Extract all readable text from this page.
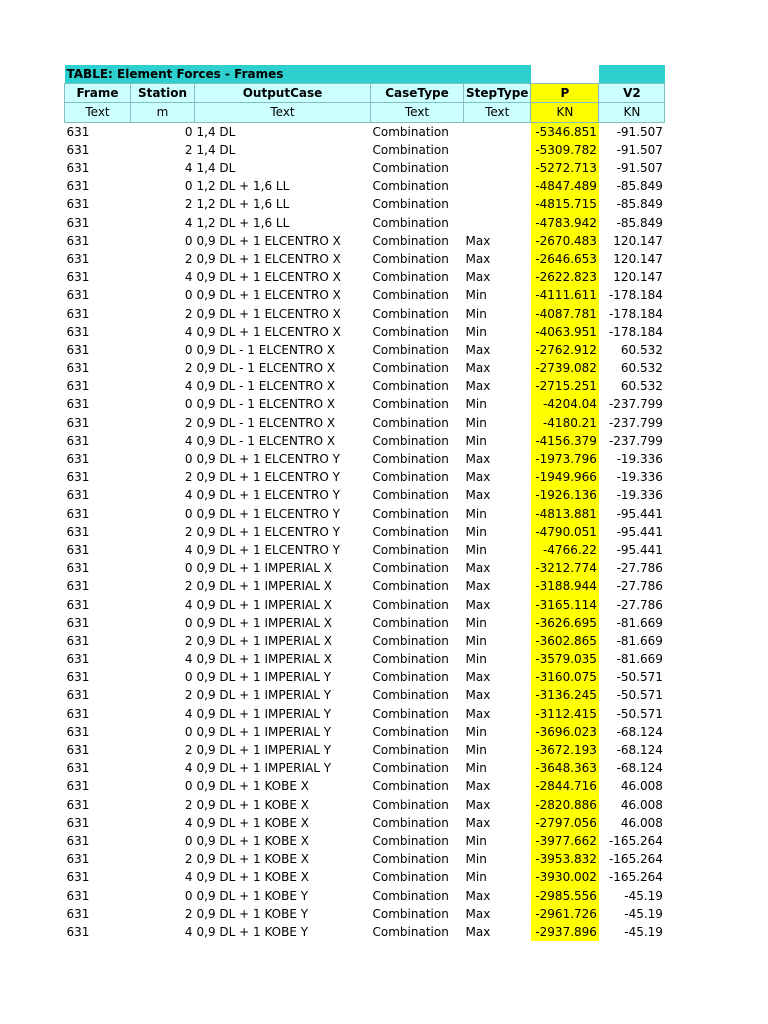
TABLE: Element Forces - Frames						
Frame	Station	OutputCase	CaseType	StepType	P	V2
Text	m	Text	Text	Text	KN	KN
631	0	1,4 DL	Combination		-5346.851	-91.507
631	2	1,4 DL	Combination		-5309.782	-91.507
631	4	1,4 DL	Combination		-5272.713	-91.507
631	0	1,2 DL + 1,6 LL	Combination		-4847.489	-85.849
631	2	1,2 DL + 1,6 LL	Combination		-4815.715	-85.849
631	4	1,2 DL + 1,6 LL	Combination		-4783.942	-85.849
631	0	0,9 DL + 1 ELCENTRO X	Combination	Max	-2670.483	120.147
631	2	0,9 DL + 1 ELCENTRO X	Combination	Max	-2646.653	120.147
631	4	0,9 DL + 1 ELCENTRO X	Combination	Max	-2622.823	120.147
631	0	0,9 DL + 1 ELCENTRO X	Combination	Min	-4111.611	-178.184
631	2	0,9 DL + 1 ELCENTRO X	Combination	Min	-4087.781	-178.184
631	4	0,9 DL + 1 ELCENTRO X	Combination	Min	-4063.951	-178.184
631	0	0,9 DL - 1 ELCENTRO X	Combination	Max	-2762.912	60.532
631	2	0,9 DL - 1 ELCENTRO X	Combination	Max	-2739.082	60.532
631	4	0,9 DL - 1 ELCENTRO X	Combination	Max	-2715.251	60.532
631	0	0,9 DL - 1 ELCENTRO X	Combination	Min	-4204.04	-237.799
631	2	0,9 DL - 1 ELCENTRO X	Combination	Min	-4180.21	-237.799
631	4	0,9 DL - 1 ELCENTRO X	Combination	Min	-4156.379	-237.799
631	0	0,9 DL + 1 ELCENTRO Y	Combination	Max	-1973.796	-19.336
631	2	0,9 DL + 1 ELCENTRO Y	Combination	Max	-1949.966	-19.336
631	4	0,9 DL + 1 ELCENTRO Y	Combination	Max	-1926.136	-19.336
631	0	0,9 DL + 1 ELCENTRO Y	Combination	Min	-4813.881	-95.441
631	2	0,9 DL + 1 ELCENTRO Y	Combination	Min	-4790.051	-95.441
631	4	0,9 DL + 1 ELCENTRO Y	Combination	Min	-4766.22	-95.441
631	0	0,9 DL + 1 IMPERIAL X	Combination	Max	-3212.774	-27.786
631	2	0,9 DL + 1 IMPERIAL X	Combination	Max	-3188.944	-27.786
631	4	0,9 DL + 1 IMPERIAL X	Combination	Max	-3165.114	-27.786
631	0	0,9 DL + 1 IMPERIAL X	Combination	Min	-3626.695	-81.669
631	2	0,9 DL + 1 IMPERIAL X	Combination	Min	-3602.865	-81.669
631	4	0,9 DL + 1 IMPERIAL X	Combination	Min	-3579.035	-81.669
631	0	0,9 DL + 1 IMPERIAL Y	Combination	Max	-3160.075	-50.571
631	2	0,9 DL + 1 IMPERIAL Y	Combination	Max	-3136.245	-50.571
631	4	0,9 DL + 1 IMPERIAL Y	Combination	Max	-3112.415	-50.571
631	0	0,9 DL + 1 IMPERIAL Y	Combination	Min	-3696.023	-68.124
631	2	0,9 DL + 1 IMPERIAL Y	Combination	Min	-3672.193	-68.124
631	4	0,9 DL + 1 IMPERIAL Y	Combination	Min	-3648.363	-68.124
631	0	0,9 DL + 1 KOBE X	Combination	Max	-2844.716	46.008
631	2	0,9 DL + 1 KOBE X	Combination	Max	-2820.886	46.008
631	4	0,9 DL + 1 KOBE X	Combination	Max	-2797.056	46.008
631	0	0,9 DL + 1 KOBE X	Combination	Min	-3977.662	-165.264
631	2	0,9 DL + 1 KOBE X	Combination	Min	-3953.832	-165.264
631	4	0,9 DL + 1 KOBE X	Combination	Min	-3930.002	-165.264
631	0	0,9 DL + 1 KOBE Y	Combination	Max	-2985.556	-45.19
631	2	0,9 DL + 1 KOBE Y	Combination	Max	-2961.726	-45.19
631	4	0,9 DL + 1 KOBE Y	Combination	Max	-2937.896	-45.19
